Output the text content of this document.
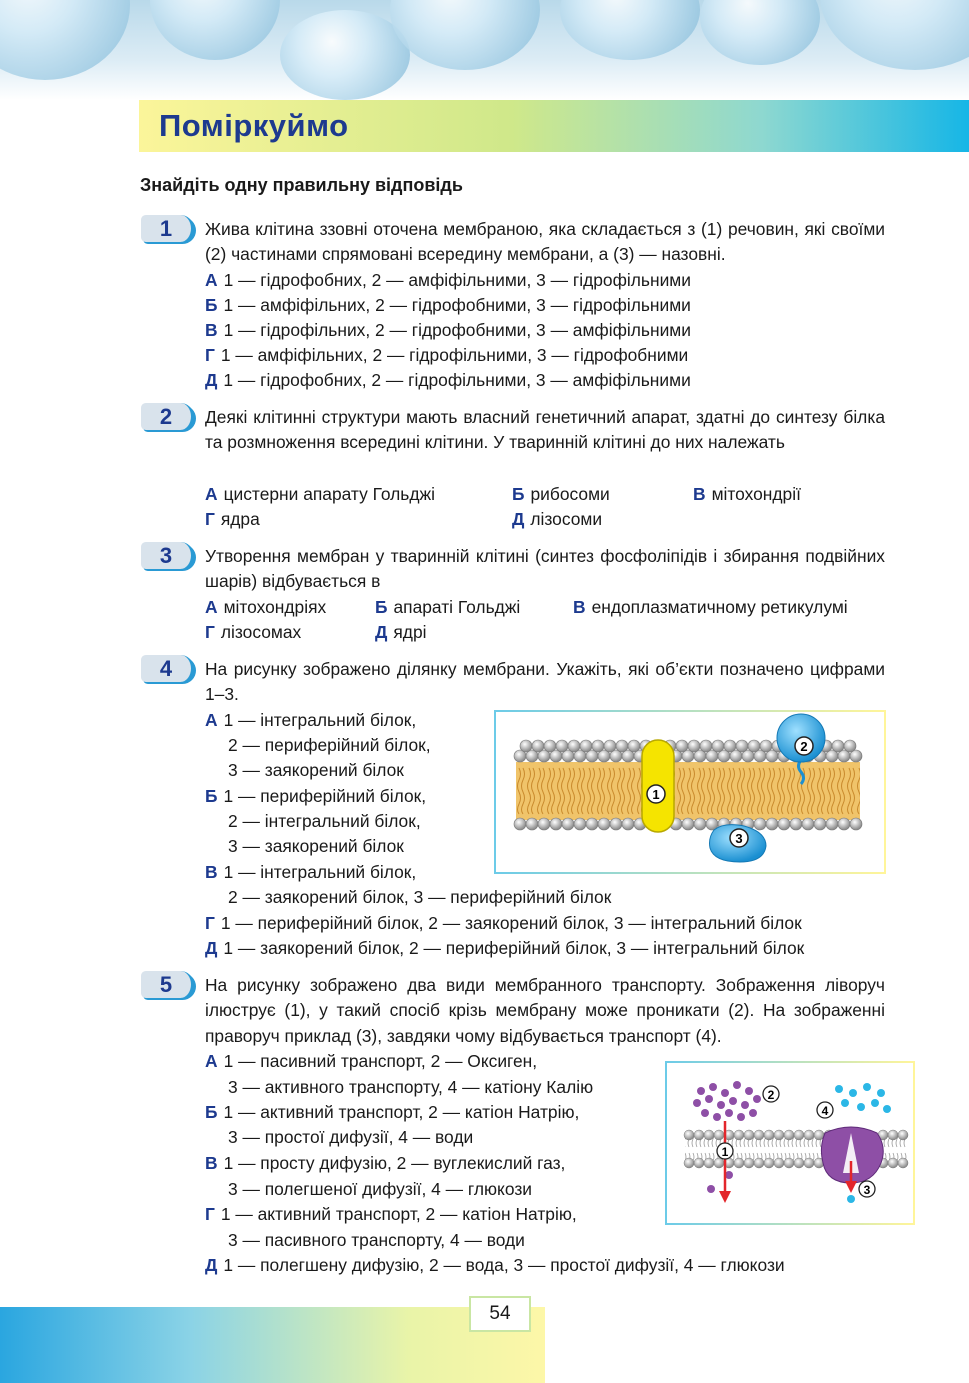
Поміркуймо
Знайдіть одну правильну відповідь
1	Жива клітина ззовні оточена мембраною, яка складається з (1) речовин, які своїми (2) частинами спрямовані всередину мембрани, а (3) — назовні.
А 1 — гідрофобних, 2 — амфіфільними, 3 — гідрофільними
Б 1 — амфіфільних, 2 — гідрофобними, 3 — гідрофільними
В 1 — гідрофільних, 2 — гідрофобними, 3 — амфіфільними
Г 1 — амфіфільних, 2 — гідрофільними, 3 — гідрофобними
Д 1 — гідрофобних, 2 — гідрофільними, 3 — амфіфільними
2	Деякі клітинні структури мають власний генетичний апарат, здатні до синтезу білка та розмноження всередині клітини. У тваринній клітині до них належать
А цистерни апарату Гольджі	Б рибосоми	В мітохондрії
Г ядра	Д лізосоми
3	Утворення мембран у тваринній клітині (синтез фосфоліпідів і збирання подвійних шарів) відбувається в
А мітохондріях	Б апараті Гольджі	В ендоплазматичному ретикулумі
Г лізосомах	Д ядрі
4	На рисунку зображено ділянку мембрани. Укажіть, які об’єкти позначено цифрами 1–3.
А 1 — інтегральний білок,
2 — периферійний білок,
3 — заякорений білок
Б 1 — периферійний білок,
2 — інтегральний білок,
3 — заякорений білок
В 1 — інтегральний білок,
2 — заякорений білок, 3 — периферійний білок
Г 1 — периферійний білок, 2 — заякорений білок, 3 — інтегральний білок
Д 1 — заякорений білок, 2 — периферійний білок, 3 — інтегральний білок
1
2
3
5	На рисунку зображено два види мембранного транспорту. Зображення ліворуч ілюструє (1), у такий спосіб крізь мембрану може проникати (2). На зображенні праворуч приклад (3), завдяки чому відбувається транспорт (4).
А 1 — пасивний транспорт, 2 — Оксиген,
3 — активного транспорту, 4 — катіону Калію
Б 1 — активний транспорт, 2 — катіон Натрію,
3 — простої дифузії, 4 — води
В 1 — просту дифузію, 2 — вуглекислий газ,
3 — полегшеної дифузії, 4 — глюкози
Г 1 — активний транспорт, 2 — катіон Натрію,
3 — пасивного транспорту, 4 — води
Д 1 — полегшену дифузію, 2 — вода, 3 — простої дифузії, 4 — глюкози
2
4
1
3
54
